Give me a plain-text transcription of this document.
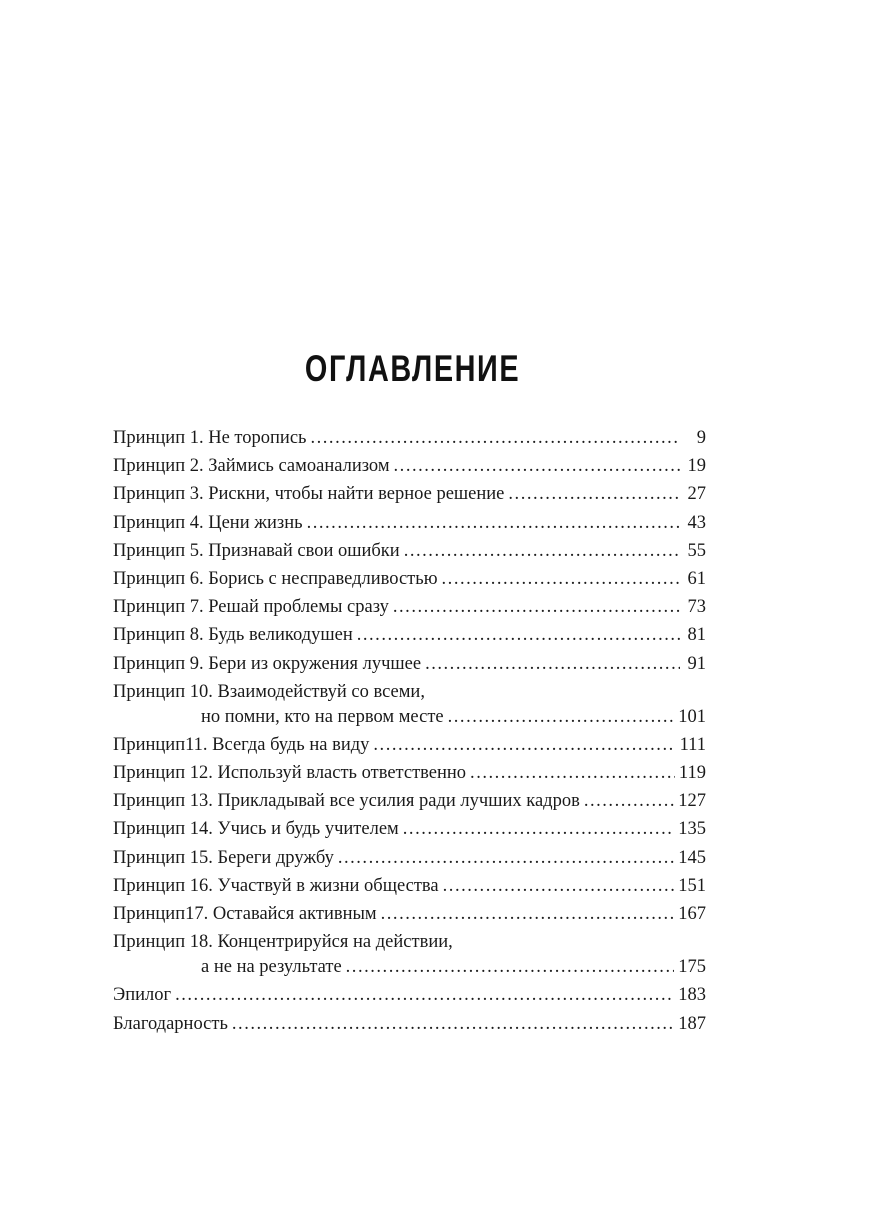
ОГЛАВЛЕНИЕ
Принцип 1. Не торопись . . .	9
Принцип 2. Займись самоанализом . . .	19
Принцип 3. Рискни, чтобы найти верное решение . . .	27
Принцип 4. Цени жизнь . . .	43
Принцип 5. Признавай свои ошибки . . .	55
Принцип 6. Борись с несправедливостью . . .	61
Принцип 7. Решай проблемы сразу . . .	73
Принцип 8. Будь великодушен . . .	81
Принцип 9. Бери из окружения лучшее . . .	91
Принцип 10. Взаимодействуй со всеми,
но помни, кто на первом месте . . .	101
Принцип11. Всегда будь на виду . . .	111
Принцип 12. Используй власть ответственно . . .	119
Принцип 13. Прикладывай все усилия ради лучших кадров . . .	127
Принцип 14. Учись и будь учителем . . .	135
Принцип 15. Береги дружбу . . .	145
Принцип 16. Участвуй в жизни общества . . .	151
Принцип17. Оставайся активным . . .	167
Принцип 18. Концентрируйся на действии,
а не на результате . . .	175
Эпилог . . .	183
Благодарность . . .	187
